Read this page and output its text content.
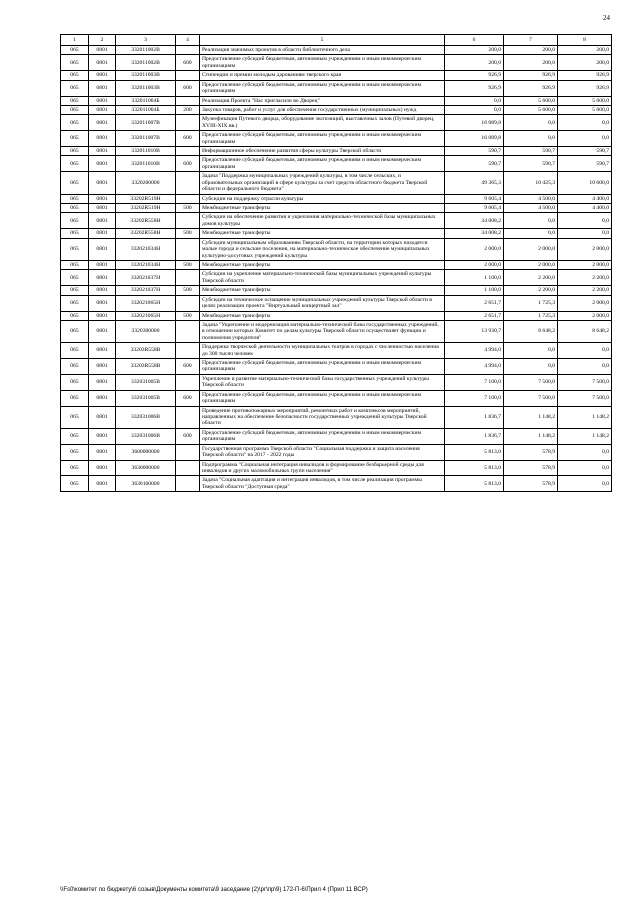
24
1	2	3	4	5	6	7	8
065	0801	332011002В		Реализация значимых проектов в области библиотечного дела	200,0	200,0	200,0
065	0801	332011002В	600	Предоставление субсидий бюджетным, автономным учреждениям и иным некоммерческим организациям	200,0	200,0	200,0
065	0801	332011003В		Стипендии и премии молодым дарованиям тверского края	926,9	926,9	926,9
065	0801	332011003В	600	Предоставление субсидий бюджетным, автономным учреждениям и иным некоммерческим организациям	926,9	926,9	926,9
065	0801	332011004Б		Реализация Проекта "Нас пригласили во Дворец"	0,0	5 600,0	5 600,0
065	0801	332011004Б	200	Закупка товаров, работ и услуг для обеспечения государственных (муниципальных) нужд	0,0	5 600,0	5 600,0
065	0801	332011007В		Музеефикация Путевого дворца, оборудование экспозиций, выставочных залов (Путевой дворец, XVIII-XIX вв.)	16 089,8	0,0	0,0
065	0801	332011007В	600	Предоставление субсидий бюджетным, автономным учреждениям и иным некоммерческим организациям	16 089,8	0,0	0,0
065	0801	332011010В		Информационное обеспечение развития сферы культуры Тверской области	590,7	590,7	590,7
065	0801	332011010В	600	Предоставление субсидий бюджетным, автономным учреждениям и иным некоммерческим организациям	590,7	590,7	590,7
065	0801	3320200000		Задача "Поддержка муниципальных учреждений культуры, в том числе сельских, и образовательных организаций в сфере культуры за счет средств областного бюджета Тверской области и федерального бюджета"	49 365,3	10 425,3	10 600,0
065	0801	33202R519Н		Субсидии на поддержку отрасли культуры	9 605,4	4 500,0	4 400,0
065	0801	33202R519Н	500	Межбюджетные трансферты	9 605,4	4 500,0	4 400,0
065	0801	33202R558Н		Субсидии на обеспечение развития и укрепления материально-технической базы муниципальных домов культуры	34 008,2	0,0	0,0
065	0801	33202R558Н	500	Межбюджетные трансферты	34 008,2	0,0	0,0
065	0801	332021034Н		Субсидии муниципальным образованиям Тверской области, на территории которых находятся малые города и сельские поселения, на материально-техническое обеспечение муниципальных культурно-досуговых учреждений культуры	2 000,0	2 000,0	2 000,0
065	0801	332021034Н	500	Межбюджетные трансферты	2 000,0	2 000,0	2 000,0
065	0801	332021037Н		Субсидии на укрепление материально-технической базы муниципальных учреждений культуры Тверской области	1 100,0	2 200,0	2 200,0
065	0801	332021037Н	500	Межбюджетные трансферты	1 100,0	2 200,0	2 200,0
065	0801	332021065Н		Субсидии на техническое оснащение муниципальных учреждений культуры Тверской области в целях реализации проекта "Виртуальный концертный зал"	2 651,7	1 725,3	2 000,0
065	0801	332021065Н	500	Межбюджетные трансферты	2 651,7	1 725,3	2 000,0
065	0801	3320300000		Задача "Укрепление и модернизация материально-технической базы государственных учреждений, в отношении которых Комитет по делам культуры Тверской области осуществляет функции и полномочия учредителя"	13 930,7	8 648,2	8 648,2
065	0801	33203R558В		Поддержка творческой деятельности муниципальных театров в городах с численностью населения до 300 тысяч человек	4 994,0	0,0	0,0
065	0801	33203R558В	600	Предоставление субсидий бюджетным, автономным учреждениям и иным некоммерческим организациям	4 994,0	0,0	0,0
065	0801	332031005В		Укрепление и развитие материально-технической базы государственных учреждений культуры Тверской области	7 100,0	7 500,0	7 500,0
065	0801	332031005В	600	Предоставление субсидий бюджетным, автономным учреждениям и иным некоммерческим организациям	7 100,0	7 500,0	7 500,0
065	0801	332031006В		Проведение противопожарных мероприятий, ремонтных работ и комплексов мероприятий, направленных на обеспечение безопасности государственных учреждений культуры Тверской области	1 836,7	1 148,2	1 148,2
065	0801	332031006В	600	Предоставление субсидий бюджетным, автономным учреждениям и иным некоммерческим организациям	1 836,7	1 148,2	1 148,2
065	0801	3600000000		Государственная программа Тверской области "Социальная поддержка и защита населения Тверской области" на 2017 - 2022 годы	5 813,0	578,9	0,0
065	0801	3630000000		Подпрограмма "Социальная интеграция инвалидов и формирование безбарьерной среды для инвалидов и других маломобильных групп населения"	5 813,0	578,9	0,0
065	0801	3630100000		Задача "Социальная адаптация и интеграция инвалидов, в том числе реализация программы Тверской области "Доступная среда"	5 813,0	578,9	0,0
\\Fs0\комитет по бюджету\6 созыв\Документы комитета\9 заседание (2)\рг\пр\9) 172-П-6\Прил 4 (Прил 11 ВСР)
